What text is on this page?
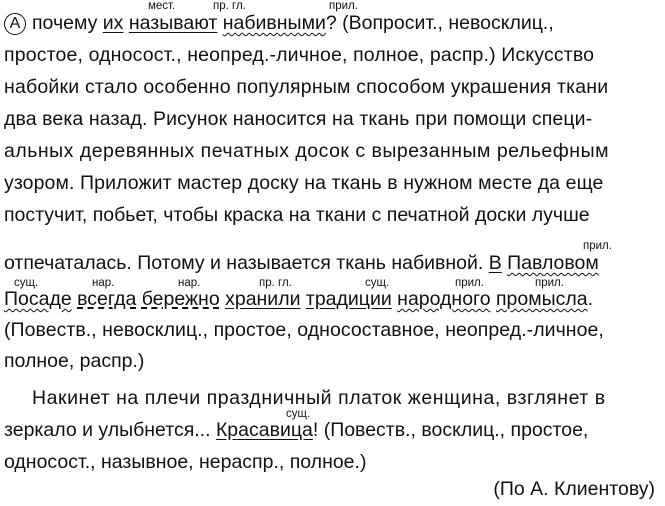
мест.	пр. гл.	прил.
А почему их называют набивными? (Вопросит., невосклиц.,
простое, односост., неопред.-личное, полное, распр.) Искусство
набойки стало особенно популярным способом украшения ткани
два века назад. Рисунок наносится на ткань при помощи специ-
альных деревянных печатных досок с вырезанным рельефным
узором. Приложит мастер доску на ткань в нужном месте да еще
постучит, побьет, чтобы краска на ткани с печатной доски лучше
прил.
отпечаталась. Потому и называется ткань набивной. В Павловом
сущ.	нар.	нар.	пр. гл.	сущ.	прил.	прил.
Посаде всегда бережно хранили традиции народного промысла.
(Повеств., невосклиц., простое, односоставное, неопред.-личное,
полное, распр.)
Накинет на плечи праздничный платок женщина, взглянет в
сущ.
зеркало и улыбнется... Красавица! (Повеств., восклиц., простое,
односост., назывное, нераспр., полное.)
(По А. Клиентову)
